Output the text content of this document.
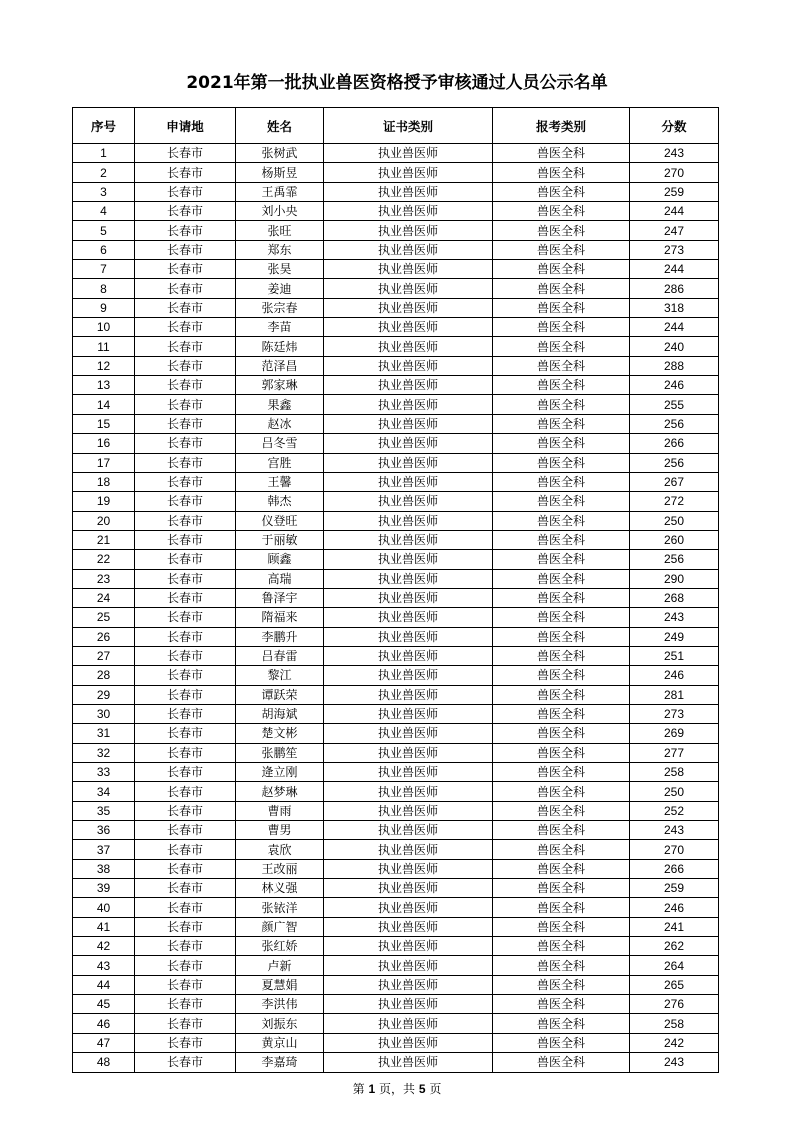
2021年第一批执业兽医资格授予审核通过人员公示名单
序号	申请地	姓名	证书类别	报考类别	分数
1	长春市	张树武	执业兽医师	兽医全科	243
2	长春市	杨斯昱	执业兽医师	兽医全科	270
3	长春市	王禹霏	执业兽医师	兽医全科	259
4	长春市	刘小央	执业兽医师	兽医全科	244
5	长春市	张旺	执业兽医师	兽医全科	247
6	长春市	郑东	执业兽医师	兽医全科	273
7	长春市	张昊	执业兽医师	兽医全科	244
8	长春市	姜迪	执业兽医师	兽医全科	286
9	长春市	张宗春	执业兽医师	兽医全科	318
10	长春市	李苗	执业兽医师	兽医全科	244
11	长春市	陈廷炜	执业兽医师	兽医全科	240
12	长春市	范泽昌	执业兽医师	兽医全科	288
13	长春市	郭家琳	执业兽医师	兽医全科	246
14	长春市	果鑫	执业兽医师	兽医全科	255
15	长春市	赵冰	执业兽医师	兽医全科	256
16	长春市	吕冬雪	执业兽医师	兽医全科	266
17	长春市	宫胜	执业兽医师	兽医全科	256
18	长春市	王馨	执业兽医师	兽医全科	267
19	长春市	韩杰	执业兽医师	兽医全科	272
20	长春市	仪登旺	执业兽医师	兽医全科	250
21	长春市	于丽敏	执业兽医师	兽医全科	260
22	长春市	顾鑫	执业兽医师	兽医全科	256
23	长春市	高瑞	执业兽医师	兽医全科	290
24	长春市	鲁泽宇	执业兽医师	兽医全科	268
25	长春市	隋福来	执业兽医师	兽医全科	243
26	长春市	李鹏升	执业兽医师	兽医全科	249
27	长春市	吕春雷	执业兽医师	兽医全科	251
28	长春市	黎江	执业兽医师	兽医全科	246
29	长春市	谭跃荣	执业兽医师	兽医全科	281
30	长春市	胡海斌	执业兽医师	兽医全科	273
31	长春市	楚文彬	执业兽医师	兽医全科	269
32	长春市	张鹏笙	执业兽医师	兽医全科	277
33	长春市	逄立刚	执业兽医师	兽医全科	258
34	长春市	赵梦琳	执业兽医师	兽医全科	250
35	长春市	曹雨	执业兽医师	兽医全科	252
36	长春市	曹男	执业兽医师	兽医全科	243
37	长春市	袁欣	执业兽医师	兽医全科	270
38	长春市	王改丽	执业兽医师	兽医全科	266
39	长春市	林义强	执业兽医师	兽医全科	259
40	长春市	张铱洋	执业兽医师	兽医全科	246
41	长春市	颜广智	执业兽医师	兽医全科	241
42	长春市	张红娇	执业兽医师	兽医全科	262
43	长春市	卢新	执业兽医师	兽医全科	264
44	长春市	夏慧娟	执业兽医师	兽医全科	265
45	长春市	李洪伟	执业兽医师	兽医全科	276
46	长春市	刘振东	执业兽医师	兽医全科	258
47	长春市	黄京山	执业兽医师	兽医全科	242
48	长春市	李嘉琦	执业兽医师	兽医全科	243
第 1 页，共 5 页
